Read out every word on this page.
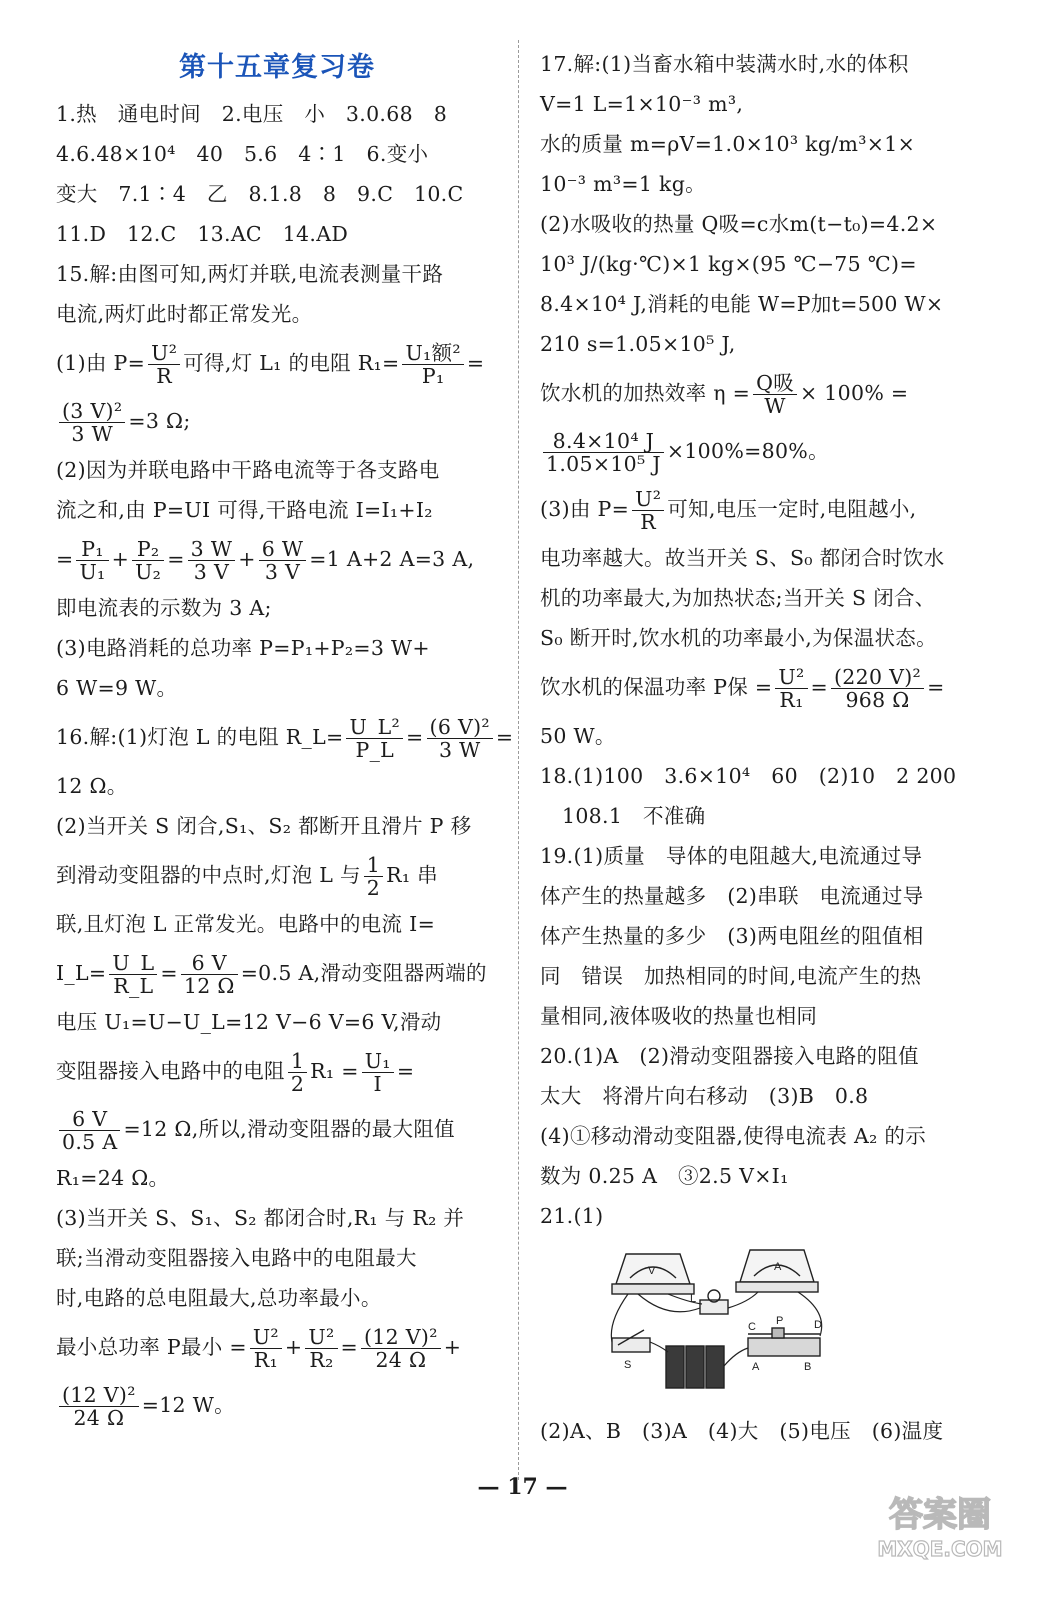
第十五章复习卷
1.热　通电时间　2.电压　小　3.0.68　8
4.6.48×10⁴　40　5.6　4∶1　6.变小
变大　7.1∶4　乙　8.1.8　8　9.C　10.C
11.D　12.C　13.AC　14.AD
15.解:由图可知,两灯并联,电流表测量干路
电流,两灯此时都正常发光。
(1)由 $P= \frac{\text{U²}}{R}$ 可得,灯 L₁ 的电阻 $R_1= \frac{\text{U₁额²}}{\text{P₁}}$ =
$\frac{\text{(3 V)²}}{3 W} =3$ Ω;
(2)因为并联电路中干路电流等于各支路电
流之和,由 P=UI 可得,干路电流 I=I₁+I₂
= $\frac{\text{P₁}}{\text{U₁}} + \frac{\text{P₂}}{\text{U₂}} = \frac{3 W}{3 V} + \frac{6 W}{3 V} =1$ A+2 A=3 A,
即电流表的示数为 3 A;
(3)电路消耗的总功率 P=P₁+P₂=3 W+
6 W=9 W。
16.解:(1)灯泡 L 的电阻 R_L= $\frac{\text{U\_L²}}{P\_L} = \frac{\text{(6 V)²}}{3 W}$ =
12 Ω。
(2)当开关 S 闭合,S₁、S₂ 都断开且滑片 P 移
到滑动变阻器的中点时,灯泡 L 与 $\frac{1}{2} R_1$ 串
联,且灯泡 L 正常发光。电路中的电流 I=
I_L= $\frac{U\_L}{R\_L} = \frac{6 V}{12 \Omega} =0.5$ A,滑动变阻器两端的
电压 U₁=U−U_L=12 V−6 V=6 V,滑动
变阻器接入电路中的电阻 $\frac{1}{2} R_1 = \frac{\text{U₁}}{I}$ =
$\frac{6 V}{0.5 A} =12$ Ω,所以,滑动变阻器的最大阻值
R₁=24 Ω。
(3)当开关 S、S₁、S₂ 都闭合时,R₁ 与 R₂ 并
联;当滑动变阻器接入电路中的电阻最大
时,电路的总电阻最大,总功率最小。
最小总功率 P最小 = $\frac{\text{U²}}{\text{R₁}} + \frac{\text{U²}}{\text{R₂}} = \frac{\text{(12 V)²}}{24 \Omega}$ +
$\frac{\text{(12 V)²}}{24 \Omega} =12$ W。
17.解:(1)当畜水箱中装满水时,水的体积
V=1 L=1×10⁻³ m³,
水的质量 m=ρV=1.0×10³ kg/m³×1×
10⁻³ m³=1 kg。
(2)水吸收的热量 Q吸=c水m(t−t₀)=4.2×
10³ J/(kg·℃)×1 kg×(95 ℃−75 ℃)=
8.4×10⁴ J,消耗的电能 W=P加t=500 W×
210 s=1.05×10⁵ J,
饮水机的加热效率 $\eta = \frac{\text{Q吸}}{W} \times 100\%$ =
$\frac{\text{8.4×10⁴ J}}{\text{1.05×10⁵ J}} \times 100\%=80\%$。
(3)由 $P= \frac{\text{U²}}{R}$ 可知,电压一定时,电阻越小,
电功率越大。故当开关 S、S₀ 都闭合时饮水
机的功率最大,为加热状态;当开关 S 闭合、
S₀ 断开时,饮水机的功率最小,为保温状态。
饮水机的保温功率 P保 = $\frac{\text{U²}}{\text{R₁}} = \frac{\text{(220 V)²}}{968 \Omega}$ =
50 W。
18.(1)100　3.6×10⁴　60　(2)10　2 200
108.1　不准确
19.(1)质量　导体的电阻越大,电流通过导
体产生的热量越多　(2)串联　电流通过导
体产生热量的多少　(3)两电阻丝的阻值相
同　错误　加热相同的时间,电流产生的热
量相同,液体吸收的热量也相同
20.(1)A　(2)滑动变阻器接入电路的阻值
太大　将滑片向右移动　(3)B　0.8
(4)①移动滑动变阻器,使得电流表 A₂ 的示
数为 0.25 A　③2.5 V×I₁
21.(1)
V	A
L
S
C	D
P
A	B
(2)A、B　(3)A　(4)大　(5)电压　(6)温度
— 17 —
答案圈
MXQE.COM
